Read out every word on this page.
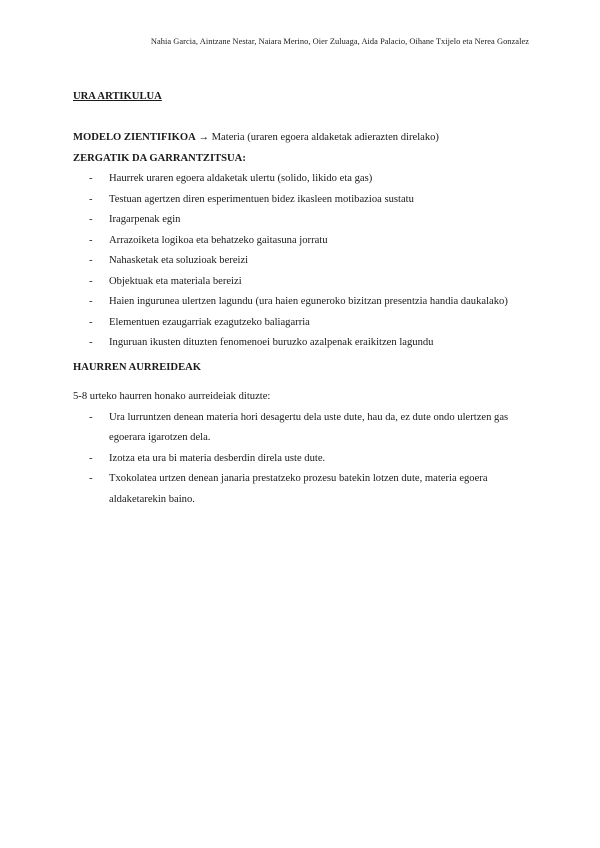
Nahia Garcia, Aintzane Nestar, Naiara Merino, Oier Zuluaga, Aida Palacio, Oihane Txijelo eta Nerea Gonzalez

URA ARTIKULUA

MODELO ZIENTIFIKOA → Materia (uraren egoera aldaketak adierazten direlako)

ZERGATIK DA GARRANTZITSUA:

- Haurrek uraren egoera aldaketak ulertu (solido, likido eta gas)
- Testuan agertzen diren esperimentuen bidez ikasleen motibazioa sustatu
- Iragarpenak egin
- Arrazoiketa logikoa eta behatzeko gaitasuna jorratu
- Nahasketak eta soluzioak bereizi
- Objektuak eta materiala bereizi
- Haien ingurunea ulertzen lagundu (ura haien eguneroko bizitzan presentzia handia daukalako)
- Elementuen ezaugarriak ezagutzeko baliagarria
- Inguruan ikusten dituzten fenomenoei buruzko azalpenak eraikitzen lagundu

HAURREN AURREIDEAK

5-8 urteko haurren honako aurreideiak dituzte:

- Ura lurruntzen denean materia hori desagertu dela uste dute, hau da, ez dute ondo ulertzen gas egoerara igarotzen dela.
- Izotza eta ura bi materia desberdin direla uste dute.
- Txokolatea urtzen denean janaria prestatzeko prozesu batekin lotzen dute, materia egoera aldaketarekin baino.
